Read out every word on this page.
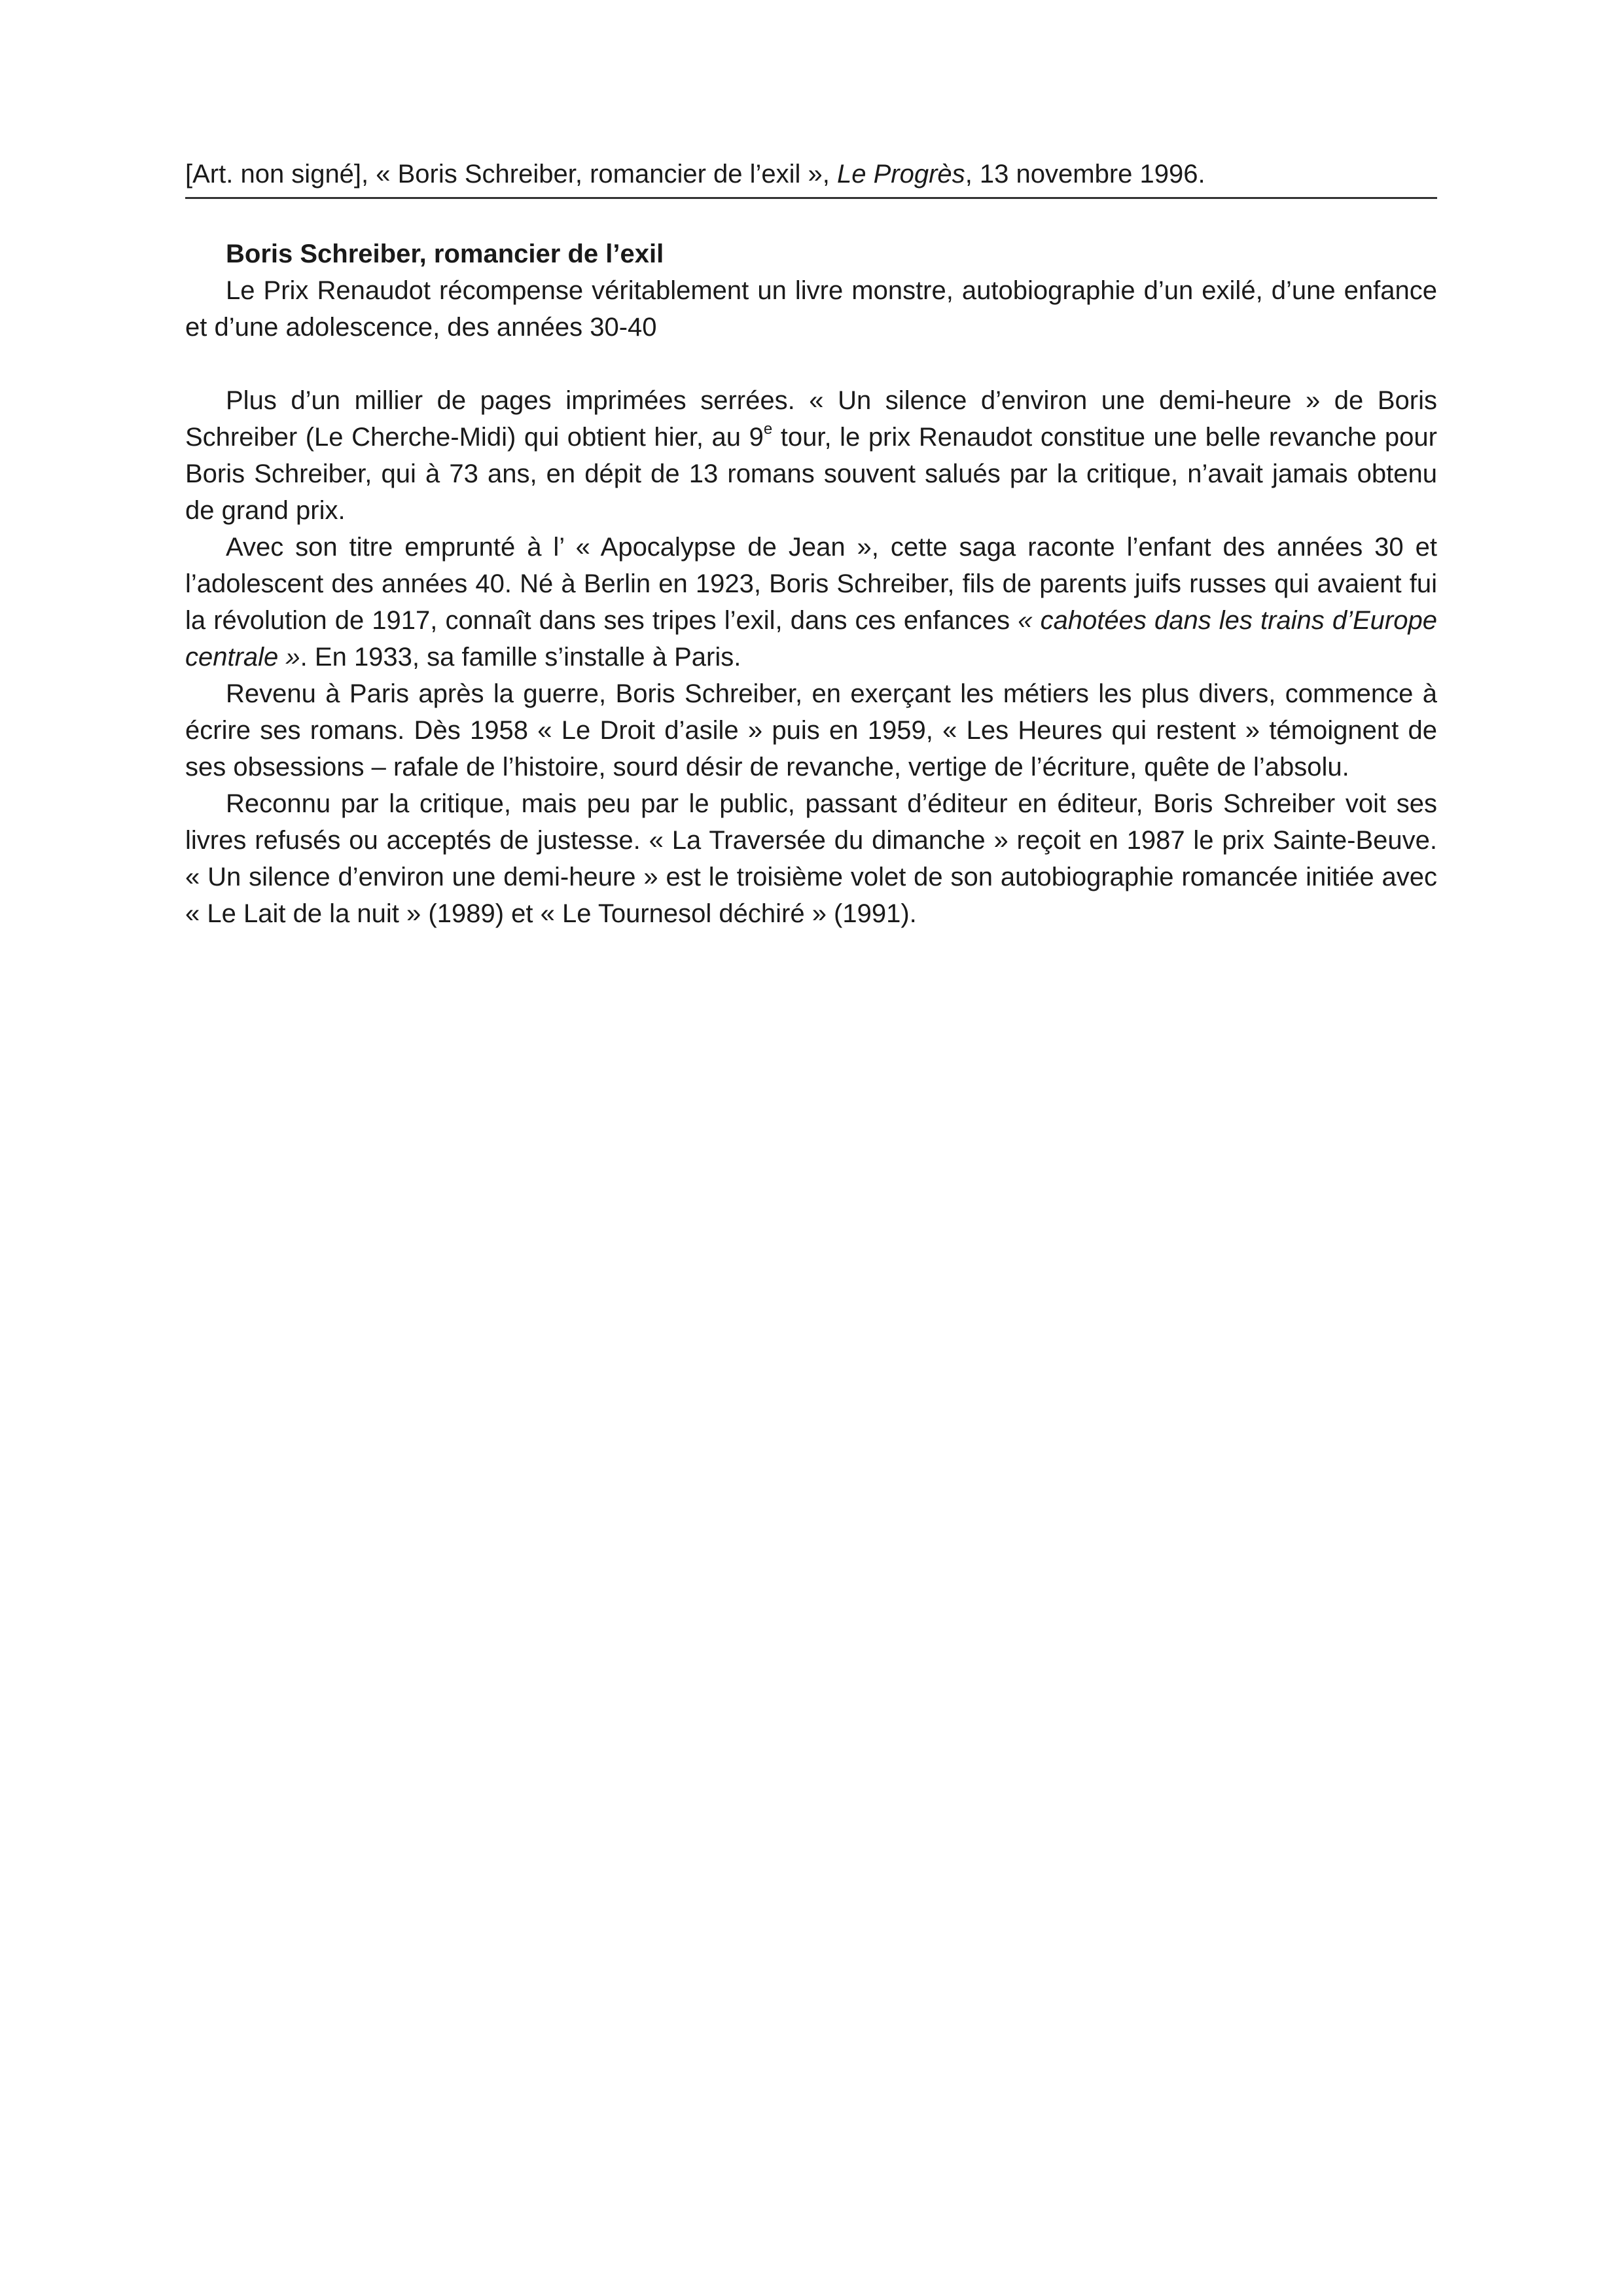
[Art. non signé], « Boris Schreiber, romancier de l’exil », Le Progrès, 13 novembre 1996.

Boris Schreiber, romancier de l’exil

Le Prix Renaudot récompense véritablement un livre monstre, autobiographie d’un exilé, d’une enfance et d’une adolescence, des années 30-40

Plus d’un millier de pages imprimées serrées. « Un silence d’environ une demi-heure » de Boris Schreiber (Le Cherche-Midi) qui obtient hier, au 9e tour, le prix Renaudot constitue une belle revanche pour Boris Schreiber, qui à 73 ans, en dépit de 13 romans souvent salués par la critique, n’avait jamais obtenu de grand prix.

Avec son titre emprunté à l’ « Apocalypse de Jean », cette saga raconte l’enfant des années 30 et l’adolescent des années 40. Né à Berlin en 1923, Boris Schreiber, fils de parents juifs russes qui avaient fui la révolution de 1917, connaît dans ses tripes l’exil, dans ces enfances « cahotées dans les trains d’Europe centrale ». En 1933, sa famille s’installe à Paris.

Revenu à Paris après la guerre, Boris Schreiber, en exerçant les métiers les plus divers, commence à écrire ses romans. Dès 1958 « Le Droit d’asile » puis en 1959, « Les Heures qui restent » témoignent de ses obsessions – rafale de l’histoire, sourd désir de revanche, vertige de l’écriture, quête de l’absolu.

Reconnu par la critique, mais peu par le public, passant d’éditeur en éditeur, Boris Schreiber voit ses livres refusés ou acceptés de justesse. « La Traversée du dimanche » reçoit en 1987 le prix Sainte-Beuve. « Un silence d’environ une demi-heure » est le troisième volet de son autobiographie romancée initiée avec « Le Lait de la nuit » (1989) et « Le Tournesol déchiré » (1991).
